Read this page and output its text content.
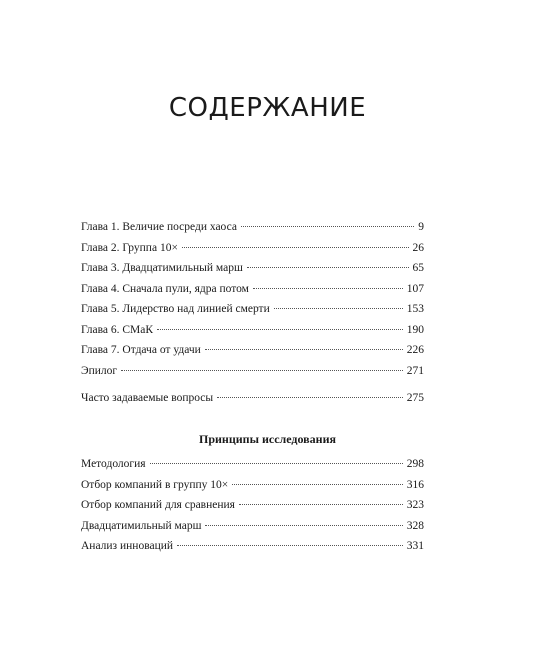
СОДЕРЖАНИЕ
Глава 1. Величие посреди хаоса	9
Глава 2. Группа 10×	26
Глава 3. Двадцатимильный марш	65
Глава 4. Сначала пули, ядра потом	107
Глава 5. Лидерство над линией смерти	153
Глава 6. СМаК	190
Глава 7. Отдача от удачи	226
Эпилог	271
Часто задаваемые вопросы	275
Принципы исследования
Методология	298
Отбор компаний в группу 10×	316
Отбор компаний для сравнения	323
Двадцатимильный марш	328
Анализ инноваций	331
